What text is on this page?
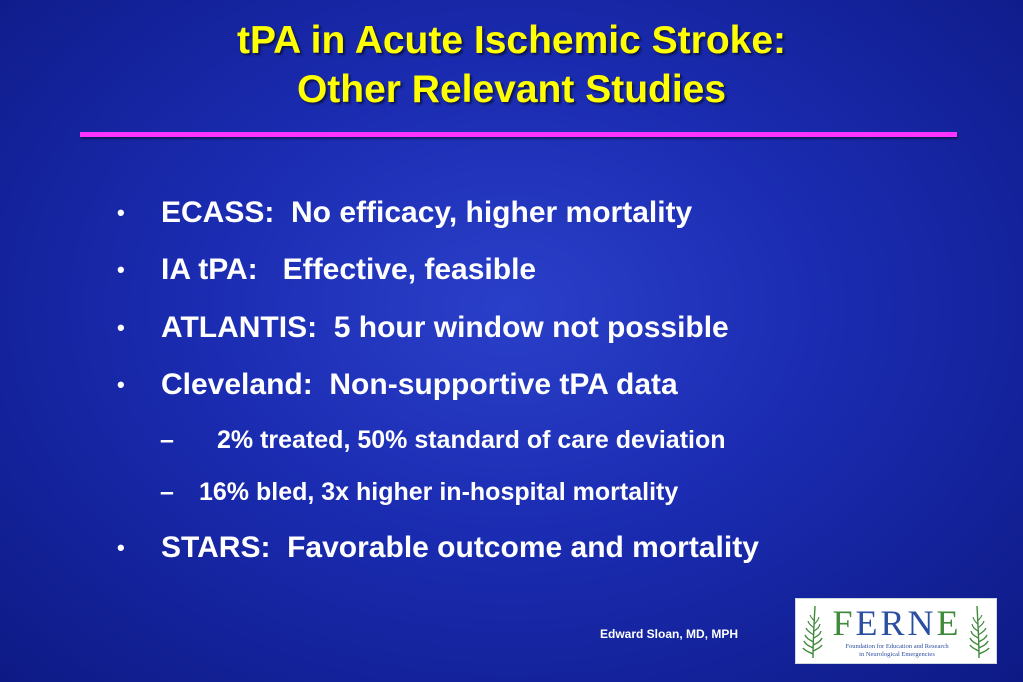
tPA in Acute Ischemic Stroke:
Other Relevant Studies

•

	ECASS:  No efficacy, higher mortality

•

	IA tPA:   Effective, feasible

•

	ATLANTIS:  5 hour window not possible

•

	Cleveland:  Non-supportive tPA data

–

2% treated, 50% standard of care deviation

–

16% bled, 3x higher in-hospital mortality

•

	STARS:  Favorable outcome and mortality

Edward Sloan, MD, MPH	FERNE
Foundation for Education and Research
in Neurological Emergencies
